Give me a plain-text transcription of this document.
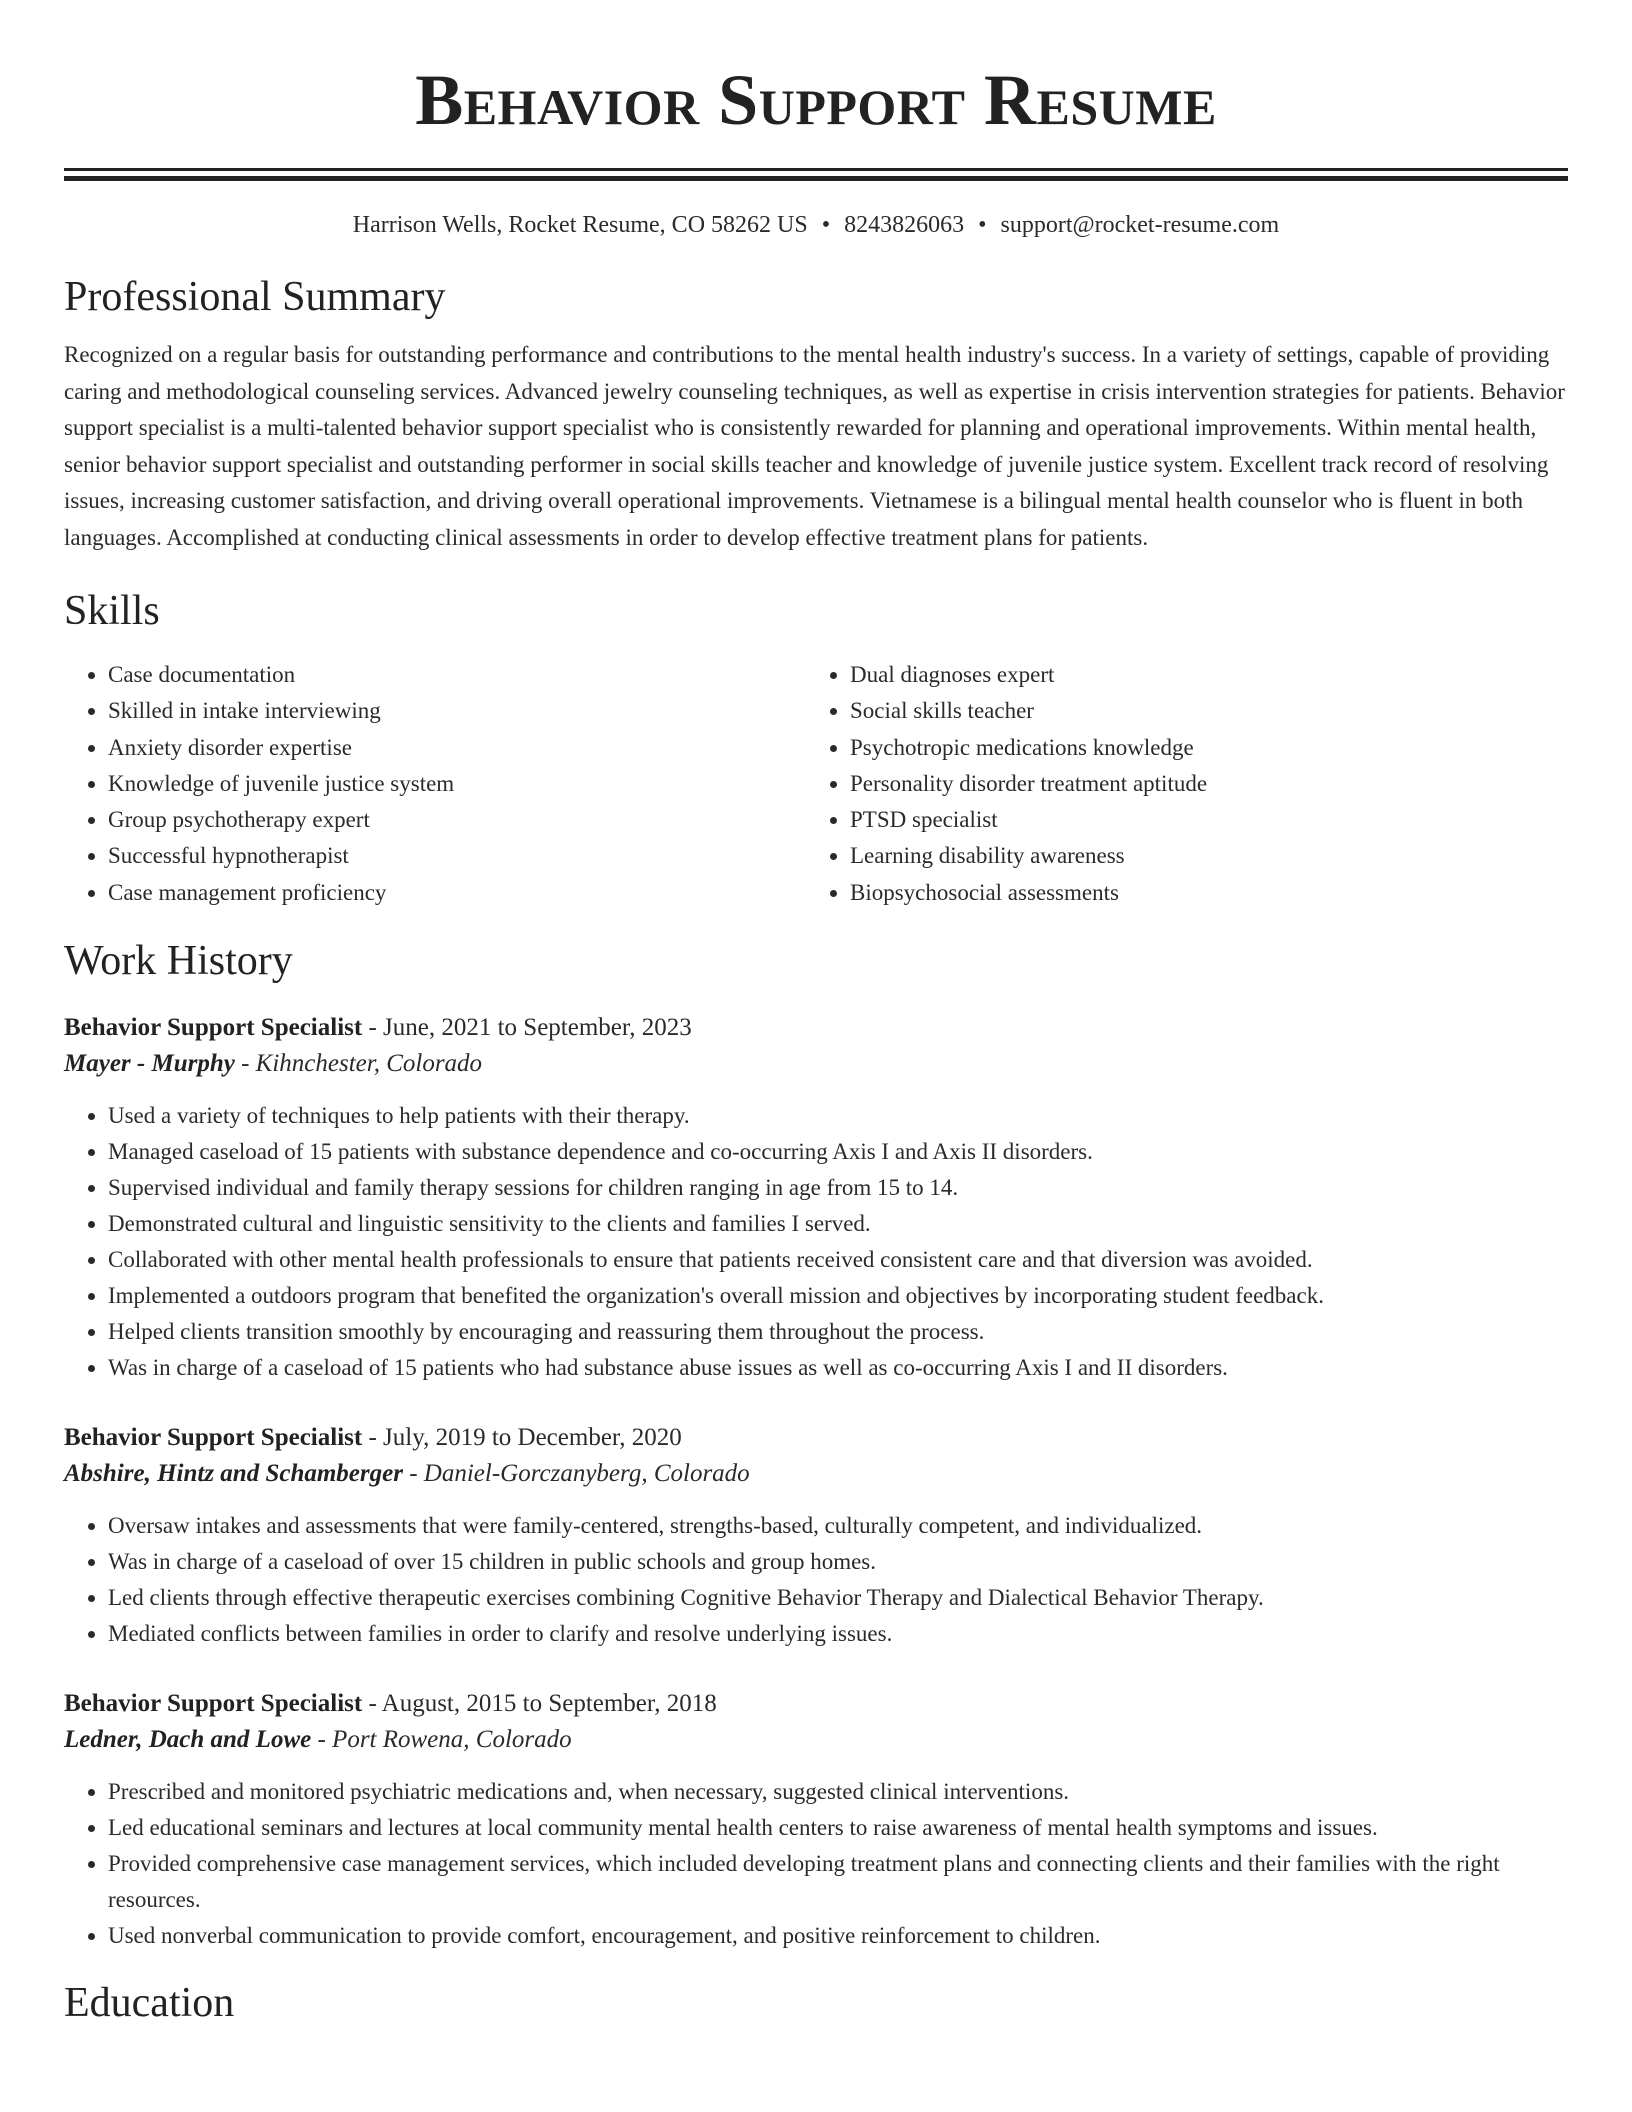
Behavior Support Resume
Harrison Wells, Rocket Resume, CO 58262 US • 8243826063 • support@rocket-resume.com
Professional Summary
Recognized on a regular basis for outstanding performance and contributions to the mental health industry's success. In a variety of settings, capable of providing caring and methodological counseling services. Advanced jewelry counseling techniques, as well as expertise in crisis intervention strategies for patients. Behavior support specialist is a multi-talented behavior support specialist who is consistently rewarded for planning and operational improvements. Within mental health, senior behavior support specialist and outstanding performer in social skills teacher and knowledge of juvenile justice system. Excellent track record of resolving issues, increasing customer satisfaction, and driving overall operational improvements. Vietnamese is a bilingual mental health counselor who is fluent in both languages. Accomplished at conducting clinical assessments in order to develop effective treatment plans for patients.
Skills
• Case documentation
• Skilled in intake interviewing
• Anxiety disorder expertise
• Knowledge of juvenile justice system
• Group psychotherapy expert
• Successful hypnotherapist
• Case management proficiency
• Dual diagnoses expert
• Social skills teacher
• Psychotropic medications knowledge
• Personality disorder treatment aptitude
• PTSD specialist
• Learning disability awareness
• Biopsychosocial assessments
Work History
Behavior Support Specialist - June, 2021 to September, 2023
Mayer - Murphy - Kihnchester, Colorado
• Used a variety of techniques to help patients with their therapy.
• Managed caseload of 15 patients with substance dependence and co-occurring Axis I and Axis II disorders.
• Supervised individual and family therapy sessions for children ranging in age from 15 to 14.
• Demonstrated cultural and linguistic sensitivity to the clients and families I served.
• Collaborated with other mental health professionals to ensure that patients received consistent care and that diversion was avoided.
• Implemented a outdoors program that benefited the organization's overall mission and objectives by incorporating student feedback.
• Helped clients transition smoothly by encouraging and reassuring them throughout the process.
• Was in charge of a caseload of 15 patients who had substance abuse issues as well as co-occurring Axis I and II disorders.
Behavior Support Specialist - July, 2019 to December, 2020
Abshire, Hintz and Schamberger - Daniel-Gorczanyberg, Colorado
• Oversaw intakes and assessments that were family-centered, strengths-based, culturally competent, and individualized.
• Was in charge of a caseload of over 15 children in public schools and group homes.
• Led clients through effective therapeutic exercises combining Cognitive Behavior Therapy and Dialectical Behavior Therapy.
• Mediated conflicts between families in order to clarify and resolve underlying issues.
Behavior Support Specialist - August, 2015 to September, 2018
Ledner, Dach and Lowe - Port Rowena, Colorado
• Prescribed and monitored psychiatric medications and, when necessary, suggested clinical interventions.
• Led educational seminars and lectures at local community mental health centers to raise awareness of mental health symptoms and issues.
• Provided comprehensive case management services, which included developing treatment plans and connecting clients and their families with the right resources.
• Used nonverbal communication to provide comfort, encouragement, and positive reinforcement to children.
Education
